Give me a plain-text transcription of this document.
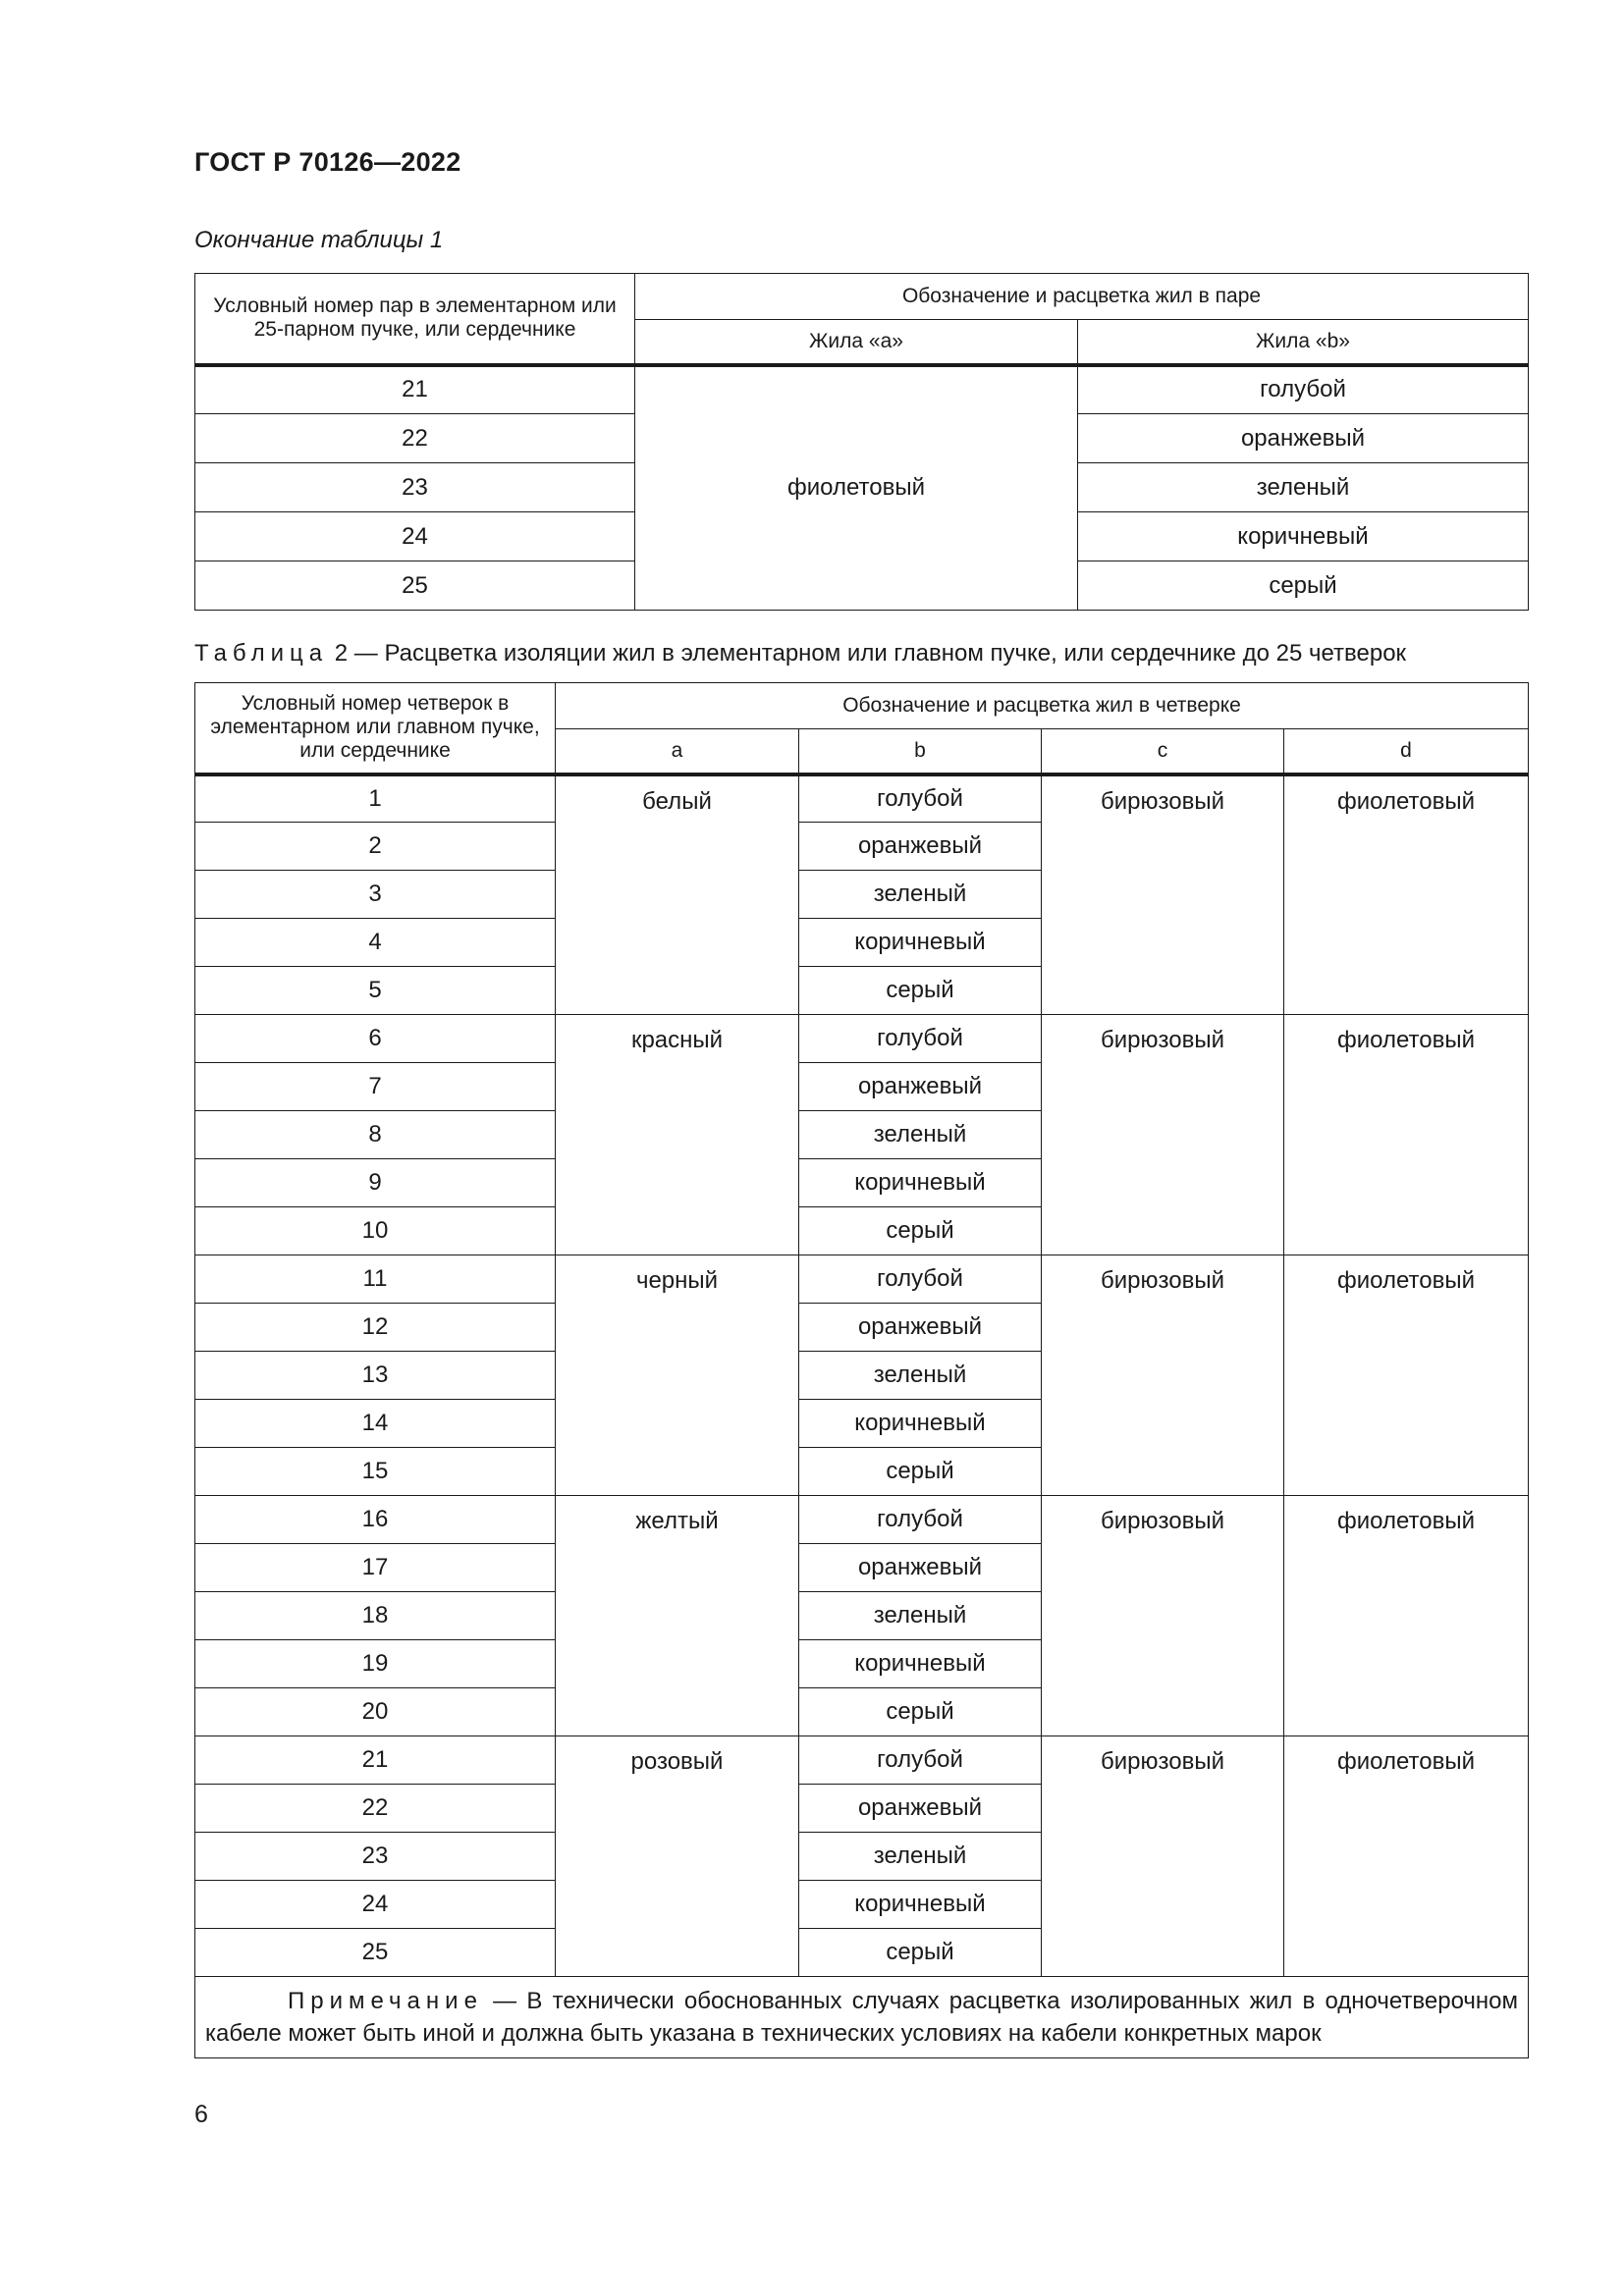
ГОСТ Р 70126—2022
Окончание таблицы 1
Условный номер пар в элементарном или 25-парном пучке, или сердечнике	Обозначение и расцветка жил в паре	
	Жила «a»	Жила «b»
21	фиолетовый	голубой
22		оранжевый
23		зеленый
24		коричневый
25		серый
Таблица 2 — Расцветка изоляции жил в элементарном или главном пучке, или сердечнике до 25 четверок
Условный номер четверок в элементарном или главном пучке, или сердечнике	Обозначение и расцветка жил в четверке			
	a	b	c	d
1	белый	голубой	бирюзовый	фиолетовый
2		оранжевый		
3		зеленый		
4		коричневый		
5		серый		
6	красный	голубой	бирюзовый	фиолетовый
7		оранжевый		
8		зеленый		
9		коричневый		
10		серый		
11	черный	голубой	бирюзовый	фиолетовый
12		оранжевый		
13		зеленый		
14		коричневый		
15		серый		
16	желтый	голубой	бирюзовый	фиолетовый
17		оранжевый		
18		зеленый		
19		коричневый		
20		серый		
21	розовый	голубой	бирюзовый	фиолетовый
22		оранжевый		
23		зеленый		
24		коричневый		
25		серый		
Примечание — В технически обоснованных случаях расцветка изолированных жил в одночетверочном кабеле может быть иной и должна быть указана в технических условиях на кабели конкретных марок				
6
